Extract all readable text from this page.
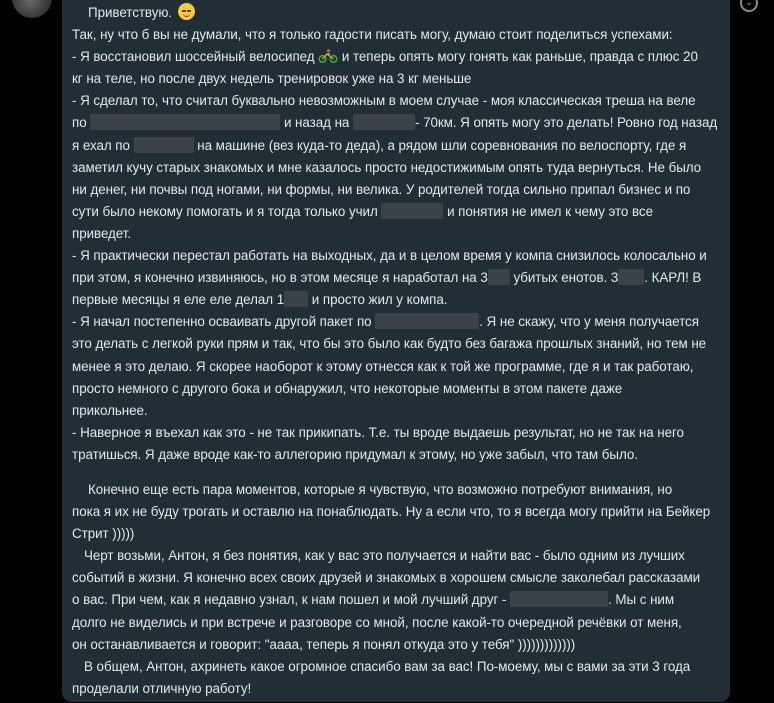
⌄
Приветствую.
Так, ну что б вы не думали, что я только гадости писать могу, думаю стоит поделиться успехами:
- Я восстановил шоссейный велосипед и теперь опять могу гонять как раньше, правда с плюс 20
кг на теле, но после двух недель тренировок уже на 3 кг меньше
- Я сделал то, что считал буквально невозможным в моем случае - моя классическая треша на веле
по	и назад на	- 70км. Я опять могу это делать! Ровно год назад
я ехал по	на машине (вез куда-то деда), а рядом шли соревнования по велоспорту, где я
заметил кучу старых знакомых и мне казалось просто недостижимым опять туда вернуться. Не было
ни денег, ни почвы под ногами, ни формы, ни велика. У родителей тогда сильно припал бизнес и по
сути было некому помогать и я тогда только учил	и понятия не имел к чему это все
приведет.
- Я практически перестал работать на выходных, да и в целом время у компа снизилось колосально и
при этом, я конечно извиняюсь, но в этом месяце я наработал на 3 убитых енотов. 3 . КАРЛ! В
первые месяцы я еле еле делал 1 и просто жил у компа.
- Я начал постепенно осваивать другой пакет по	. Я не скажу, что у меня получается
это делать с легкой руки прям и так, что бы это было как будто без багажа прошлых знаний, но тем не
менее я это делаю. Я скорее наоборот к этому отнесся как к той же программе, где я и так работаю,
просто немного с другого бока и обнаружил, что некоторые моменты в этом пакете даже
прикольнее.
- Наверное я въехал как это - не так прикипать. Т.е. ты вроде выдаешь результат, но не так на него
тратишься. Я даже вроде как-то аллегорию придумал к этому, но уже забыл, что там было.
Конечно еще есть пара моментов, которые я чувствую, что возможно потребуют внимания, но
пока я их не буду трогать и оставлю на понаблюдать. Ну а если что, то я всегда могу прийти на Бейкер
Стрит )))))
Черт возьми, Антон, я без понятия, как у вас это получается и найти вас - было одним из лучших
событий в жизни. Я конечно всех своих друзей и знакомых в хорошем смысле заколебал рассказами
о вас. При чем, как я недавно узнал, к нам пошел и мой лучший друг -	. Мы с ним
долго не виделись и при встрече и разговоре со мной, после какой-то очередной речёвки от меня,
он останавливается и говорит: "аааа, теперь я понял откуда это у тебя" )))))))))))))
В общем, Антон, ахринеть какое огромное спасибо вам за вас! По-моему, мы с вами за эти 3 года
проделали отличную работу!
